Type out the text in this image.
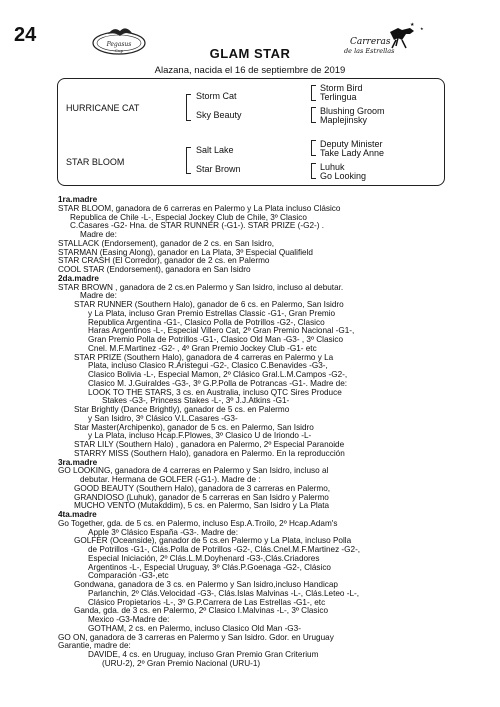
24	Pegasus
Cup
★
★
Carreras
de las Estrellas
GLAM STAR
Alazana, nacida el 16 de septiembre de 2019
HURRICANE CAT
STAR BLOOM
Storm Cat
Sky Beauty
Salt Lake
Star Brown
Storm Bird
Terlingua
Blushing Groom
Maplejinsky
Deputy Minister
Take Lady Anne
Luhuk
Go Looking
1ra.madre
STAR BLOOM, ganadora de 6 carreras en Palermo y La Plata incluso Clásico
Republica de Chile -L-, Especial Jockey Club de Chile, 3º Clasico
C.Casares -G2- Hna. de STAR RUNNER (-G1-). STAR PRIZE (-G2-) .
Madre de:
STALLACK (Endorsement), ganador de 2 cs. en San Isidro,
STARMAN (Easing Along), ganador en La Plata, 3º Especial Qualifield
STAR CRASH (El Corredor), ganador de 2 cs. en Palermo
COOL STAR (Endorsement), ganadora en San Isidro
2da.madre
STAR BROWN , ganadora de 2 cs.en Palermo y San Isidro, incluso al debutar.
Madre de:
STAR RUNNER (Southern Halo), ganador de 6 cs. en Palermo, San Isidro
y La Plata, incluso Gran Premio Estrellas Classic -G1-, Gran Premio
Republica Argentina -G1-, Clasico Polla de Potrillos -G2-, Clasico
Haras Argentinos -L-, Especial Villero Cat, 2º Gran Premio Nacional -G1-,
Gran Premio Polla de Potrillos -G1-, Clasico Old Man -G3- , 3º Clasico
Cnel. M.F.Martinez -G2- , 4º Gran Premio Jockey Club -G1- etc
STAR PRIZE (Southern Halo), ganadora de 4 carreras en Palermo y La
Plata, incluso Clasico R.Aristegui -G2-, Clasico C.Benavides -G3-,
Clasico Bolivia -L-, Especial Mamon, 2º Clásico Gral.L.M.Campos -G2-,
Clasico M. J.Guiraldes -G3-, 3º G.P.Polla de Potrancas -G1-. Madre de:
LOOK TO THE STARS, 3 cs. en Australia, incluso QTC Sires Produce
Stakes -G3-, Princess Stakes -L-, 3º J.J.Atkins -G1-
Star Brightly (Dance Brightly), ganador de 5 cs. en Palermo
y San Isidro, 3º Clásico V.L.Casares -G3-
Star Master(Archipenko), ganador de 5 cs. en Palermo, San Isidro
y La Plata, incluso Hcap.F.Plowes, 3º Clasico U de Iriondo -L-
STAR LILY (Southern Halo) , ganadora en Palermo, 2º Especial Paranoide
STARRY MISS (Southern Halo), ganadora en Palermo. En la reproducción
3ra.madre
GO LOOKING, ganadora de 4 carreras en Palermo y San Isidro, incluso al
debutar. Hermana de GOLFER (-G1-). Madre de :
GOOD BEAUTY (Southern Halo), ganadora de 3 carreras en Palermo,
GRANDIOSO (Luhuk), ganador de 5 carreras en San Isidro y Palermo
MUCHO VENTO (Mutakddim), 5 cs. en Palermo, San Isidro y La Plata
4ta.madre
Go Together, gda. de 5 cs. en Palermo, incluso Esp.A.Troilo, 2º Hcap.Adam's
Apple 3º Clásico España -G3-. Madre de:
GOLFER (Oceanside), ganador de 5 cs.en Palermo y La Plata, incluso Polla
de Potrillos -G1-, Clás.Polla de Potrillos -G2-, Clás.Cnel.M.F.Martinez -G2-,
Especial Iniciación, 2º Clás.L.M.Doyhenard -G3-,Clás.Criadores
Argentinos -L-, Especial Uruguay, 3º Clás.P.Goenaga -G2-, Clásico
Comparación -G3-,etc
Gondwana, ganadora de 3 cs. en Palermo y San Isidro,incluso Handicap
Parlanchin, 2º Clás.Velocidad -G3-, Clás.Islas Malvinas -L-, Clás.Leteo -L-,
Clásico Propietarios -L-, 3º G.P.Carrera de Las Estrellas -G1-, etc
Ganda, gda. de 3 cs. en Palermo, 2º Clasico I.Malvinas -L-, 3º Clasico
Mexico -G3-Madre de:
GOTHAM, 2 cs. en Palermo, incluso Clasico Old Man -G3-
GO ON, ganadora de 3 carreras en Palermo y San Isidro. Gdor. en Uruguay
Garantie, madre de:
DAVIDE, 4 cs. en Uruguay, incluso Gran Premio Gran Criterium
(URU-2), 2º Gran Premio Nacional (URU-1)
